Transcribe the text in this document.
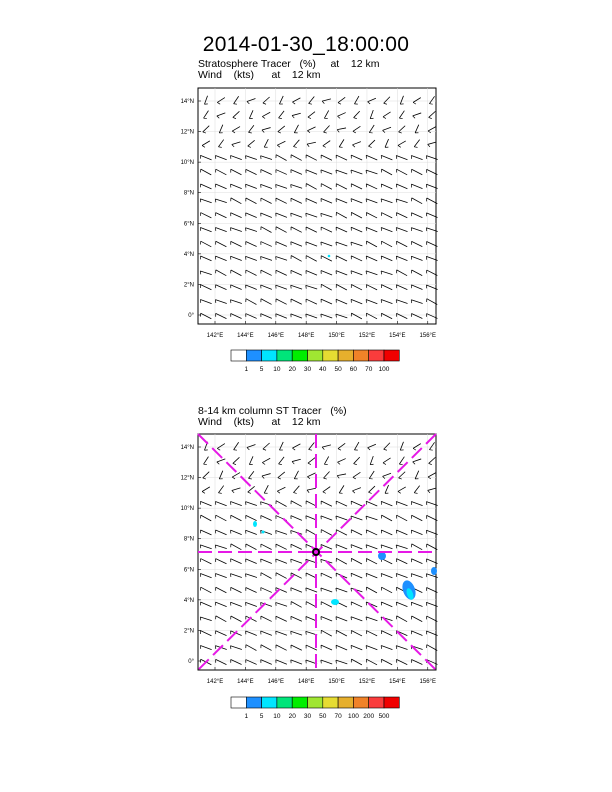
2014-01-30_18:00:00
Stratosphere Tracer   (%)     at    12 km
Wind    (kts)      at    12 km
8-14 km column ST Tracer   (%)
Wind    (kts)      at    12 km
142°E 144°E 146°E 148°E 150°E 152°E 154°E 156°E
0°
2°N
4°N
6°N
8°N
10°N
12°N
14°N
1 5 10 20 30 40 50 60 70 100
142°E 144°E 146°E 148°E 150°E 152°E 154°E 156°E
0°
2°N
4°N
6°N
8°N
10°N
12°N
14°N
1 5 10 20 30 50 70 100 200 500
